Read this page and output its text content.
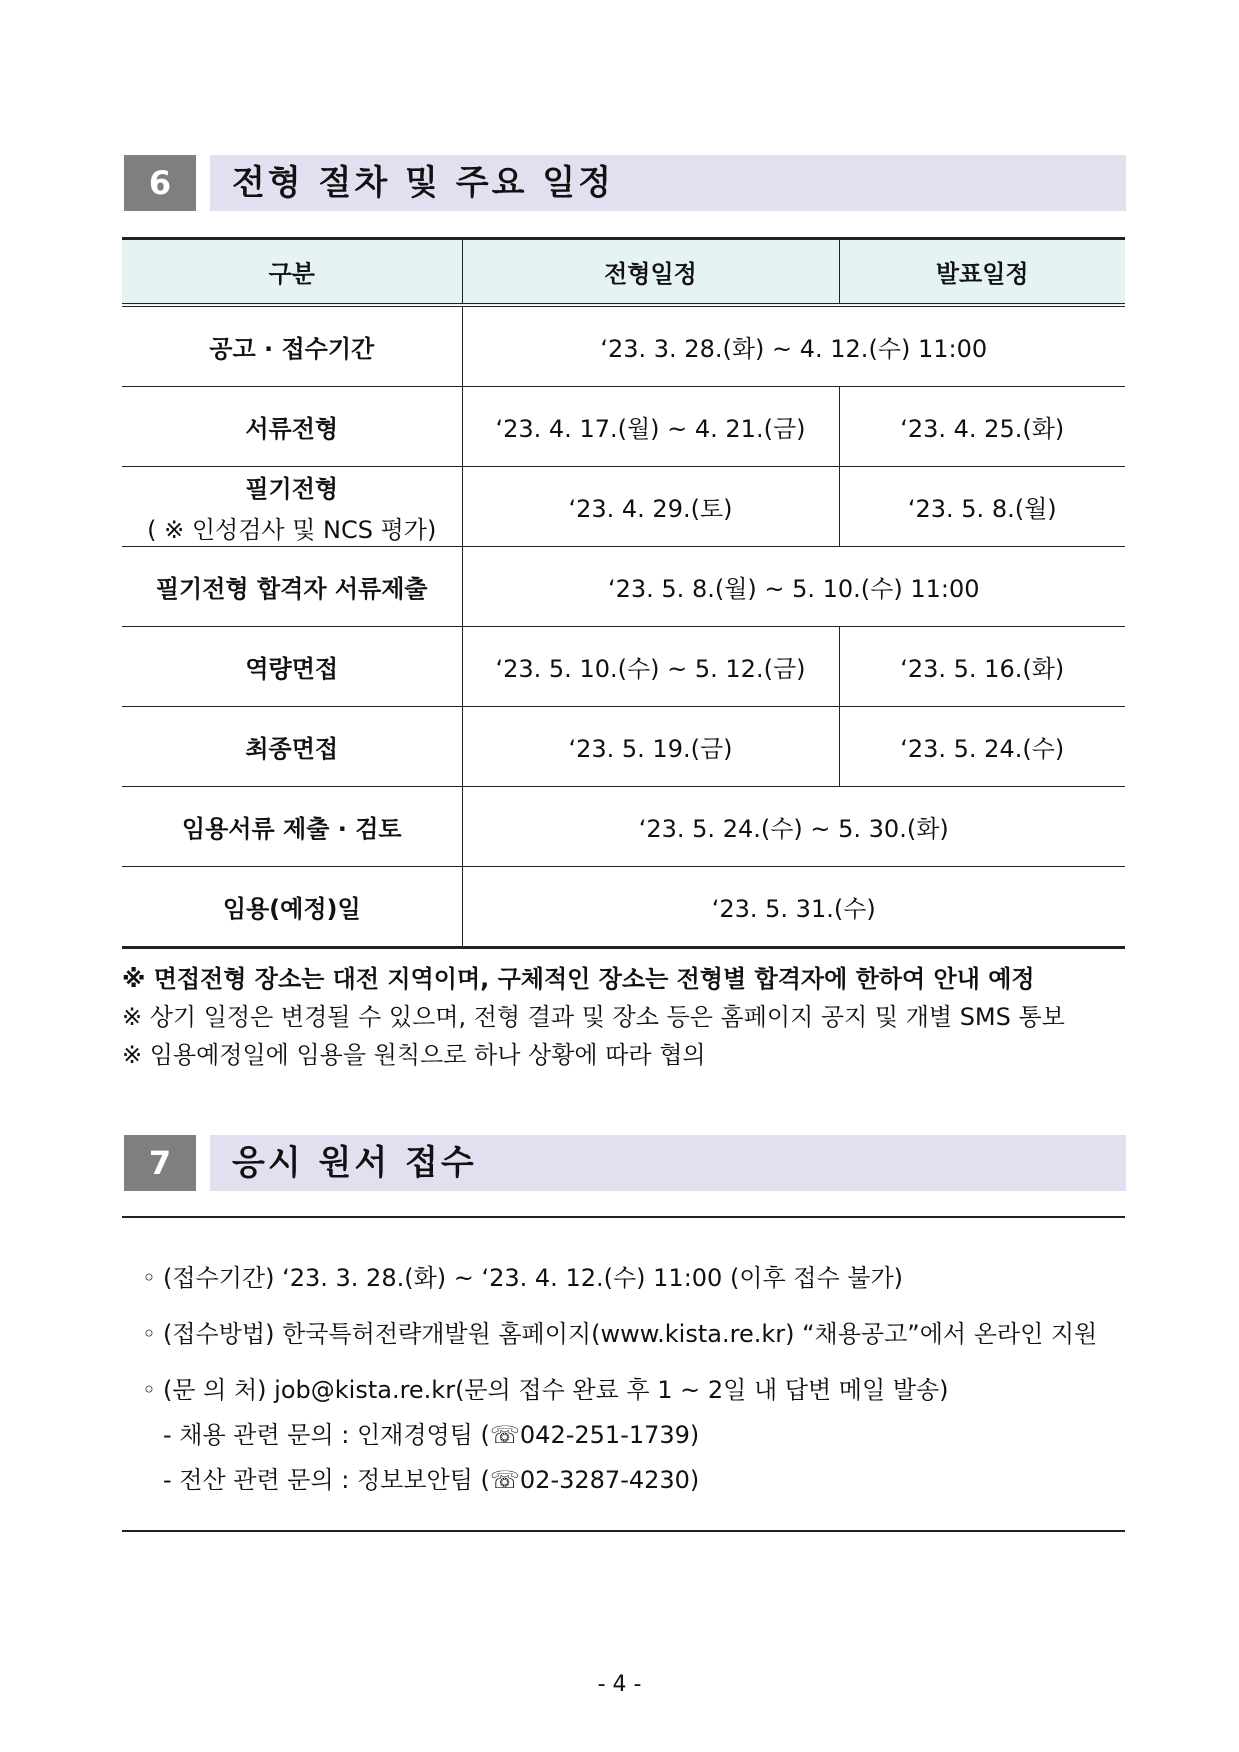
6	전형 절차 및 주요 일정
구분	전형일정	발표일정
공고 · 접수기간	‘23. 3. 28.(화) ~ 4. 12.(수) 11:00	
서류전형	‘23. 4. 17.(월) ~ 4. 21.(금)	‘23. 4. 25.(화)

필기전형
( ※ 인성검사 및 NCS 평가)	‘23. 4. 29.(토)	‘23. 5. 8.(월)
필기전형 합격자 서류제출	‘23. 5. 8.(월) ~ 5. 10.(수) 11:00	
역량면접	‘23. 5. 10.(수) ~ 5. 12.(금)	‘23. 5. 16.(화)
최종면접	‘23. 5. 19.(금)	‘23. 5. 24.(수)
임용서류 제출 · 검토	‘23. 5. 24.(수) ~ 5. 30.(화)	
임용(예정)일	‘23. 5. 31.(수)	
※ 면접전형 장소는 대전 지역이며, 구체적인 장소는 전형별 합격자에 한하여 안내 예정
※ 상기 일정은 변경될 수 있으며, 전형 결과 및 장소 등은 홈페이지 공지 및 개별 SMS 통보
※ 임용예정일에 임용을 원칙으로 하나 상황에 따라 협의
7	응시 원서 접수
◦ (접수기간) ‘23. 3. 28.(화) ~ ‘23. 4. 12.(수) 11:00 (이후 접수 불가)
◦ (접수방법) 한국특허전략개발원 홈페이지(www.kista.re.kr) “채용공고”에서 온라인 지원
◦ (문 의 처) job@kista.re.kr(문의 접수 완료 후 1 ~ 2일 내 답변 메일 발송)
- 채용 관련 문의 : 인재경영팀 (☏042-251-1739)
- 전산 관련 문의 : 정보보안팀 (☏02-3287-4230)
- 4 -
